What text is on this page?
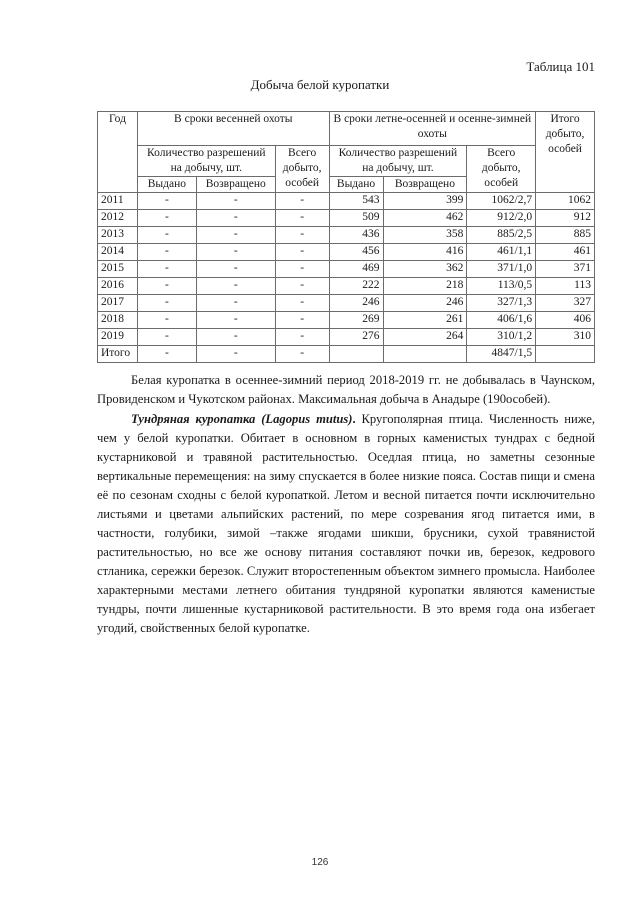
Таблица 101
Добыча белой куропатки
Год	В сроки весенней охоты			В сроки летне-осенней и осенне-зимней охоты			Итого добыто, особей
	Количество разрешений на добычу, шт.		Всего добыто, особей	Количество разрешений на добычу, шт.		Всего добыто, особей	
	Выдано	Возвращено		Выдано	Возвращено		
2011	-	-	-	543	399	1062/2,7	1062
2012	-	-	-	509	462	912/2,0	912
2013	-	-	-	436	358	885/2,5	885
2014	-	-	-	456	416	461/1,1	461
2015	-	-	-	469	362	371/1,0	371
2016	-	-	-	222	218	113/0,5	113
2017	-	-	-	246	246	327/1,3	327
2018	-	-	-	269	261	406/1,6	406
2019	-	-	-	276	264	310/1,2	310
Итого	-	-	-			4847/1,5	

Белая куропатка в осеннее-зимний период 2018-2019 гг. не добывалась в Чаунском, Провиденском и Чукотском районах. Максимальная добыча в Анадыре (190особей).

Тундряная куропатка (Lagopus mutus). Кругополярная птица. Численность ниже, чем у белой куропатки. Обитает в основном в горных каменистых тундрах с бедной кустарниковой и травяной растительностью. Оседлая птица, но заметны сезонные вертикальные перемещения: на зиму спускается в более низкие пояса. Состав пищи и смена её по сезонам сходны с белой куропаткой. Летом и весной питается почти исключительно листьями и цветами альпийских растений, по мере созревания ягод питается ими, в частности, голубики, зимой –также ягодами шикши, брусники, сухой травянистой растительностью, но все же основу питания составляют почки ив, березок, кедрового стланика, сережки березок. Служит второстепенным объектом зимнего промысла. Наиболее характерными местами летнего обитания тундряной куропатки являются каменистые тундры, почти лишенные кустарниковой растительности. В это время года она избегает угодий, свойственных белой куропатке.

126
